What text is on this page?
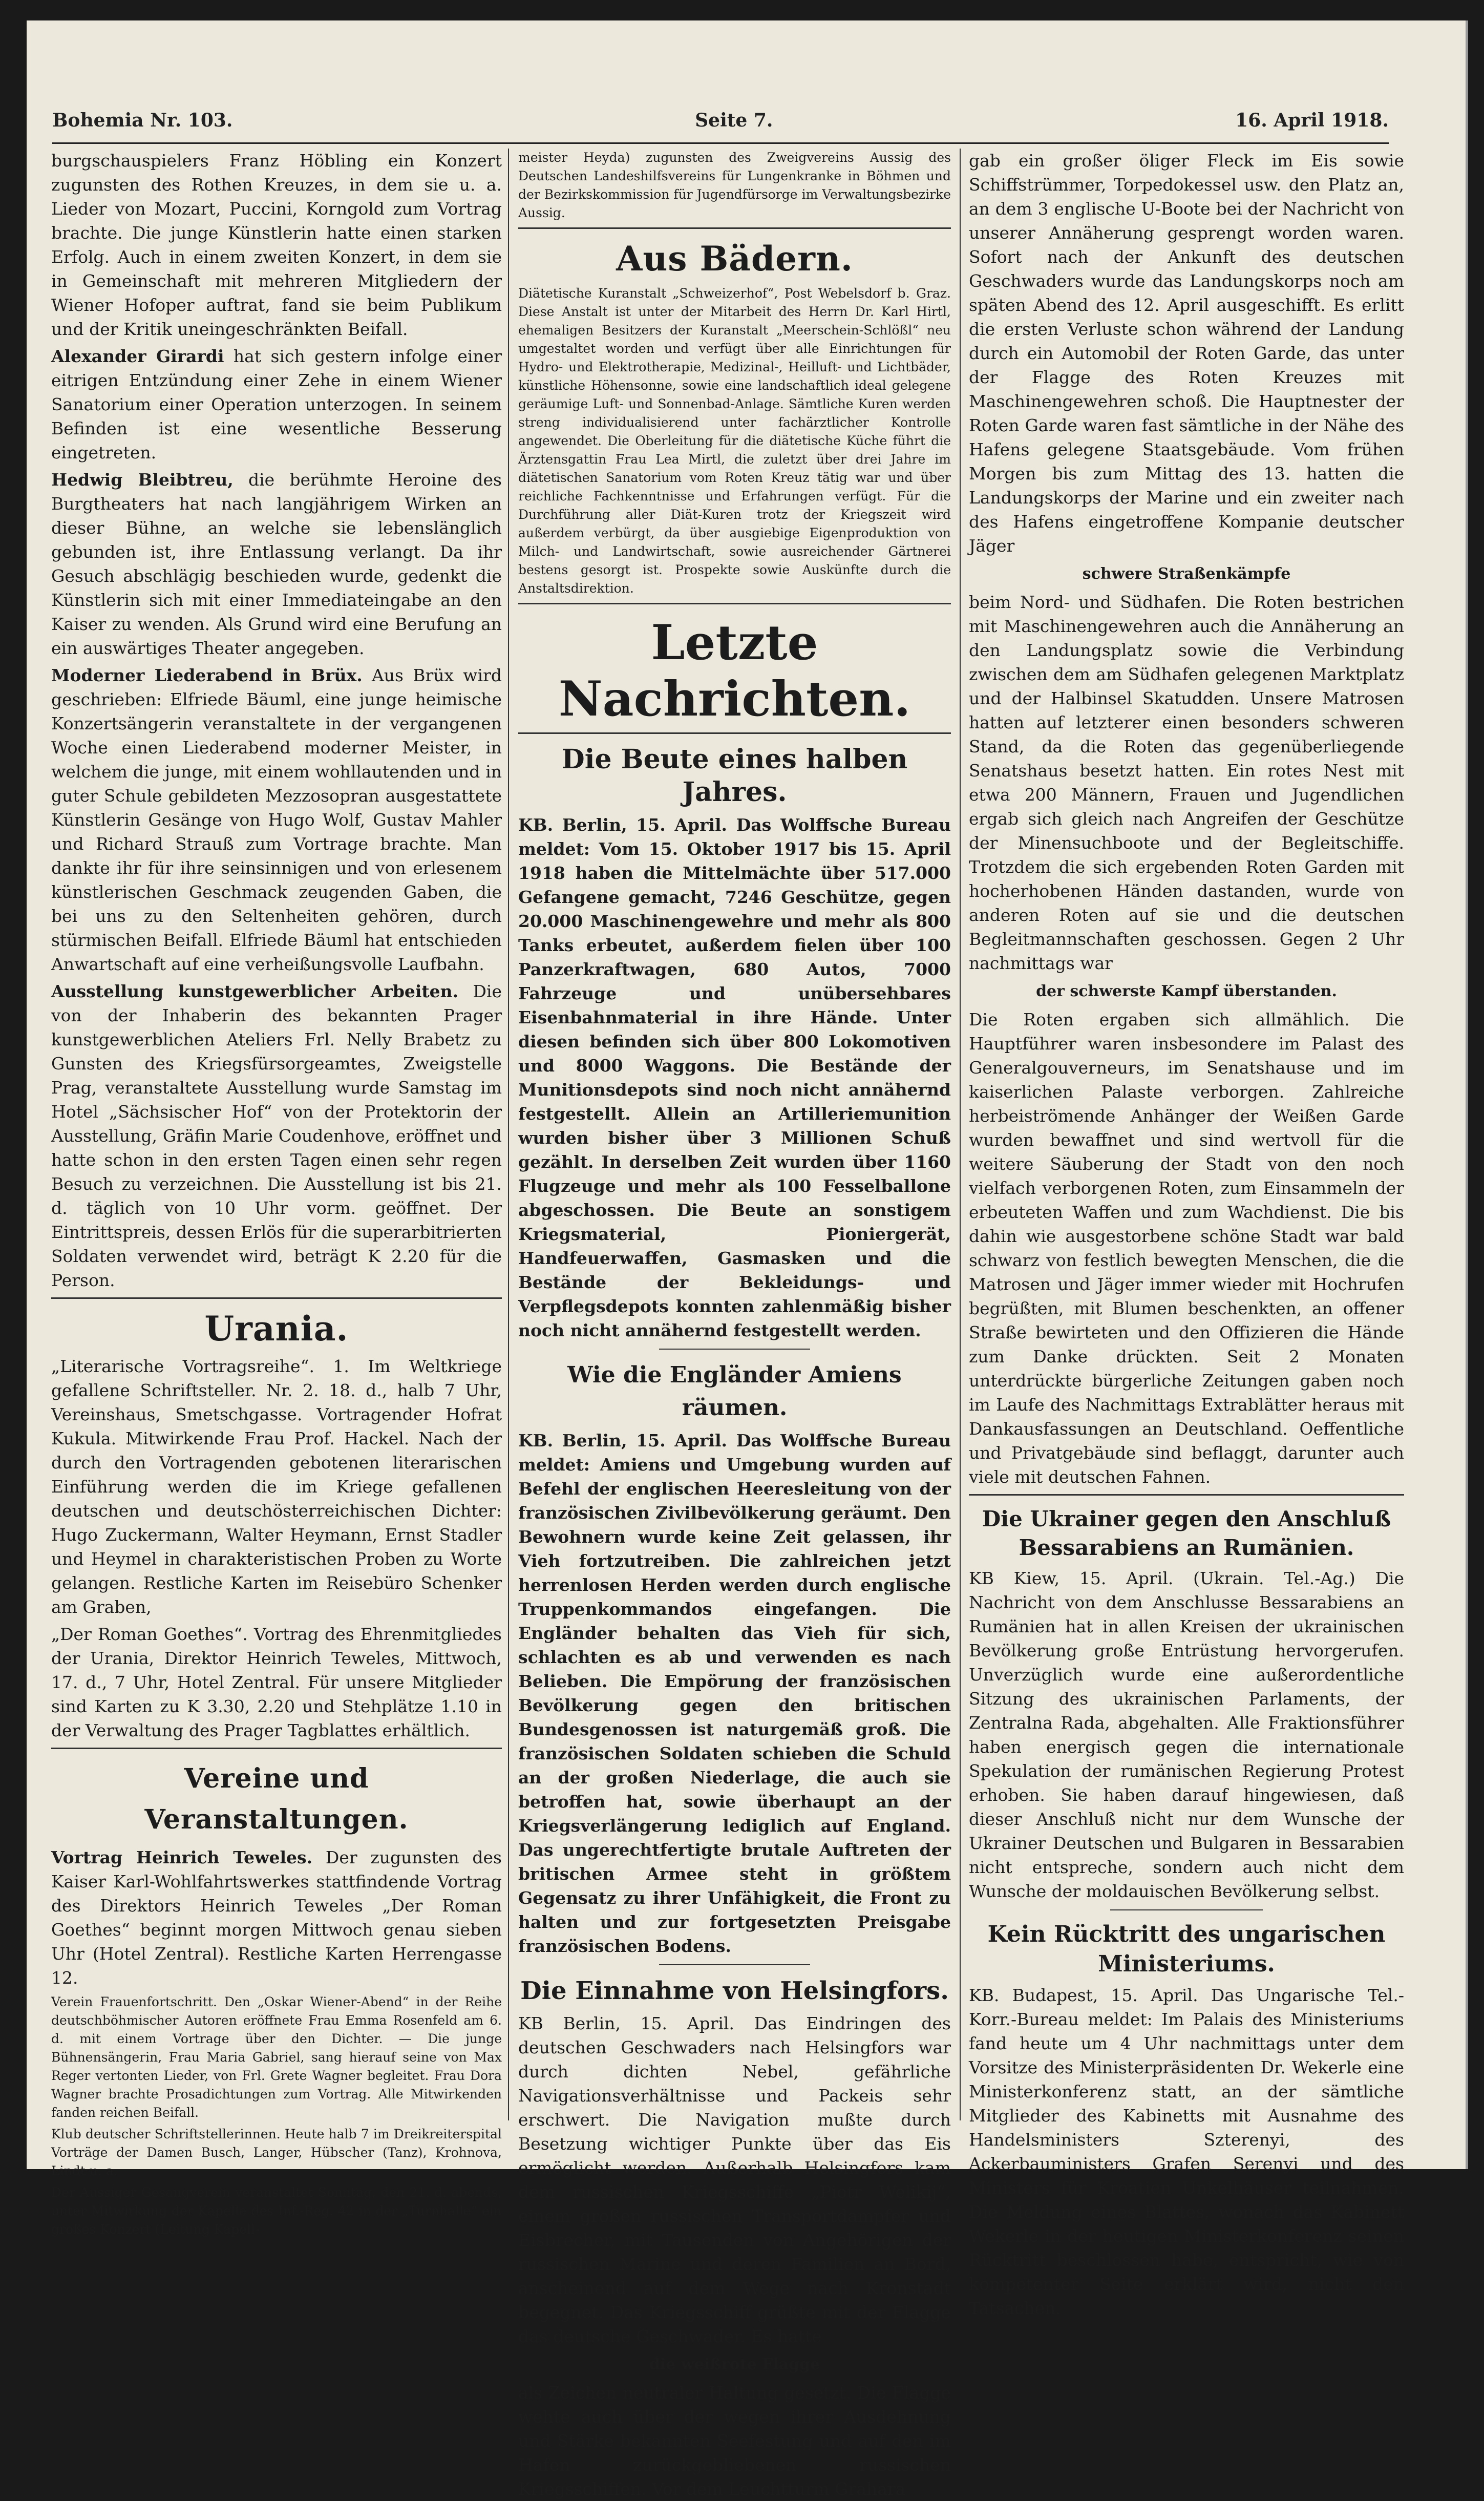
Bohemia Nr. 103.	Seite 7.	16. April 1918.

burgschauspielers Franz Höbling ein Konzert zugunsten des Rothen Kreuzes, in dem sie u. a. Lieder von Mozart, Puccini, Korngold zum Vortrag brachte. Die junge Künstlerin hatte einen starken Erfolg. Auch in einem zweiten Konzert, in dem sie in Gemeinschaft mit mehreren Mitgliedern der Wiener Hofoper auftrat, fand sie beim Publikum und der Kritik uneingeschränkten Beifall.

Alexander Girardi hat sich gestern infolge einer eitrigen Entzündung einer Zehe in einem Wiener Sanatorium einer Operation unterzogen. In seinem Befinden ist eine wesentliche Besserung eingetreten.

Hedwig Bleibtreu, die berühmte Heroine des Burgtheaters hat nach langjährigem Wirken an dieser Bühne, an welche sie lebenslänglich gebunden ist, ihre Entlassung verlangt. Da ihr Gesuch abschlägig beschieden wurde, gedenkt die Künstlerin sich mit einer Immediateingabe an den Kaiser zu wenden. Als Grund wird eine Berufung an ein auswärtiges Theater angegeben.

Moderner Liederabend in Brüx. Aus Brüx wird geschrieben: Elfriede Bäuml, eine junge heimische Konzertsängerin veranstaltete in der vergangenen Woche einen Liederabend moderner Meister, in welchem die junge, mit einem wohllautenden und in guter Schule gebildeten Mezzosopran ausgestattete Künstlerin Gesänge von Hugo Wolf, Gustav Mahler und Richard Strauß zum Vortrage brachte. Man dankte ihr für ihre seinsinnigen und von erlesenem künstlerischen Geschmack zeugenden Gaben, die bei uns zu den Seltenheiten gehören, durch stürmischen Beifall. Elfriede Bäuml hat entschieden Anwartschaft auf eine verheißungsvolle Laufbahn.

Ausstellung kunstgewerblicher Arbeiten. Die von der Inhaberin des bekannten Prager kunstgewerblichen Ateliers Frl. Nelly Brabetz zu Gunsten des Kriegsfürsorgeamtes, Zweigstelle Prag, veranstaltete Ausstellung wurde Samstag im Hotel „Sächsischer Hof“ von der Protektorin der Ausstellung, Gräfin Marie Coudenhove, eröffnet und hatte schon in den ersten Tagen einen sehr regen Besuch zu verzeichnen. Die Ausstellung ist bis 21. d. täglich von 10 Uhr vorm. geöffnet. Der Eintrittspreis, dessen Erlös für die superarbitrierten Soldaten verwendet wird, beträgt K 2.20 für die Person.

Urania.

„Literarische Vortragsreihe“. 1. Im Weltkriege gefallene Schriftsteller. Nr. 2. 18. d., halb 7 Uhr, Vereinshaus, Smetschgasse. Vortragender Hofrat Kukula. Mitwirkende Frau Prof. Hackel. Nach der durch den Vortragenden gebotenen literarischen Einführung werden die im Kriege gefallenen deutschen und deutschösterreichischen Dichter: Hugo Zuckermann, Walter Heymann, Ernst Stadler und Heymel in charakteristischen Proben zu Worte gelangen. Restliche Karten im Reisebüro Schenker am Graben,

„Der Roman Goethes“. Vortrag des Ehrenmitgliedes der Urania, Direktor Heinrich Teweles, Mittwoch, 17. d., 7 Uhr, Hotel Zentral. Für unsere Mitglieder sind Karten zu K 3.30, 2.20 und Stehplätze 1.10 in der Verwaltung des Prager Tagblattes erhältlich.

Vereine und Veranstaltungen.

Vortrag Heinrich Teweles. Der zugunsten des Kaiser Karl-Wohlfahrtswerkes stattfindende Vortrag des Direktors Heinrich Teweles „Der Roman Goethes“ beginnt morgen Mittwoch genau sieben Uhr (Hotel Zentral). Restliche Karten Herrengasse 12.

Verein Frauenfortschritt. Den „Oskar Wiener-Abend“ in der Reihe deutschböhmischer Autoren eröffnete Frau Emma Rosenfeld am 6. d. mit einem Vortrage über den Dichter. — Die junge Bühnensängerin, Frau Maria Gabriel, sang hierauf seine von Max Reger vertonten Lieder, von Frl. Grete Wagner begleitet. Frau Dora Wagner brachte Prosadichtungen zum Vortrag. Alle Mitwirkenden fanden reichen Beifall.

Klub deutscher Schriftstellerinnen. Heute halb 7 im Dreikreiterspital Vorträge der Damen Busch, Langer, Hübscher (Tanz), Krohnova, Lindt u. a.

Der Aussiger Gesangverein veranstaltet Sonntag, den 21. d. abends, unter Mitwirkung der Kapelle des Inf.-Reg. 42 in der „Turnhalle“ ein großes Konzert (Leitung Kapell-

meister Heyda) zugunsten des Zweigvereins Aussig des Deutschen Landeshilfsvereins für Lungenkranke in Böhmen und der Bezirkskommission für Jugendfürsorge im Verwaltungsbezirke Aussig.

Aus Bädern.

Diätetische Kuranstalt „Schweizerhof“, Post Webelsdorf b. Graz. Diese Anstalt ist unter der Mitarbeit des Herrn Dr. Karl Hirtl, ehemaligen Besitzers der Kuranstalt „Meerschein-Schlößl“ neu umgestaltet worden und verfügt über alle Einrichtungen für Hydro- und Elektrotherapie, Medizinal-, Heilluft- und Lichtbäder, künstliche Höhensonne, sowie eine landschaftlich ideal gelegene geräumige Luft- und Sonnenbad-Anlage. Sämtliche Kuren werden streng individualisierend unter fachärztlicher Kontrolle angewendet. Die Oberleitung für die diätetische Küche führt die Ärztensgattin Frau Lea Mirtl, die zuletzt über drei Jahre im diätetischen Sanatorium vom Roten Kreuz tätig war und über reichliche Fachkenntnisse und Erfahrungen verfügt. Für die Durchführung aller Diät-Kuren trotz der Kriegszeit wird außerdem verbürgt, da über ausgiebige Eigenproduktion von Milch- und Landwirtschaft, sowie ausreichender Gärtnerei bestens gesorgt ist. Prospekte sowie Auskünfte durch die Anstaltsdirektion.

Letzte Nachrichten.
Die Beute eines halben Jahres.

KB. Berlin, 15. April. Das Wolffsche Bureau meldet: Vom 15. Oktober 1917 bis 15. April 1918 haben die Mittelmächte über 517.000 Gefangene gemacht, 7246 Geschütze, gegen 20.000 Maschinengewehre und mehr als 800 Tanks erbeutet, außerdem fielen über 100 Panzerkraftwagen, 680 Autos, 7000 Fahrzeuge und unübersehbares Eisenbahnmaterial in ihre Hände. Unter diesen befinden sich über 800 Lokomotiven und 8000 Waggons. Die Bestände der Munitionsdepots sind noch nicht annähernd festgestellt. Allein an Artilleriemunition wurden bisher über 3 Millionen Schuß gezählt. In derselben Zeit wurden über 1160 Flugzeuge und mehr als 100 Fesselballone abgeschossen. Die Beute an sonstigem Kriegsmaterial, Pioniergerät, Handfeuerwaffen, Gasmasken und die Bestände der Bekleidungs- und Verpflegsdepots konnten zahlenmäßig bisher noch nicht annähernd festgestellt werden.

Wie die Engländer Amiens räumen.

KB. Berlin, 15. April. Das Wolffsche Bureau meldet: Amiens und Umgebung wurden auf Befehl der englischen Heeresleitung von der französischen Zivilbevölkerung geräumt. Den Bewohnern wurde keine Zeit gelassen, ihr Vieh fortzutreiben. Die zahlreichen jetzt herrenlosen Herden werden durch englische Truppenkommandos eingefangen. Die Engländer behalten das Vieh für sich, schlachten es ab und verwenden es nach Belieben. Die Empörung der französischen Bevölkerung gegen den britischen Bundesgenossen ist naturgemäß groß. Die französischen Soldaten schieben die Schuld an der großen Niederlage, die auch sie betroffen hat, sowie überhaupt an der Kriegsverlängerung lediglich auf England. Das ungerechtfertigte brutale Auftreten der britischen Armee steht in größtem Gegensatz zu ihrer Unfähigkeit, die Front zu halten und zur fortgesetzten Preisgabe französischen Bodens.

Die Einnahme von Helsingfors.

KB Berlin, 15. April. Das Eindringen des deutschen Geschwaders nach Helsingfors war durch dichten Nebel, gefährliche Navigationsverhältnisse und Packeis sehr erschwert. Die Navigation mußte durch Besetzung wichtiger Punkte über das Eis ermöglicht werden. Außerhalb Helsingfors kam dem russischen Kriegsschiffe „Piotr Welikij“, einem großen russischen Transportdampfer und Eisbrecher, mit Tausenden von Angehörigen der russischen Marine und deren Familien an Bord, anscheinend auf dem Wege nach Kronstadt begegnet. Das Kriegsschiff grüßte mit der Flagge das deutsche Geschwader. Es hatte

die weißrote Flagge

als Zeichen neutraler Haltung gesetzt. Die Flagge wehte auch über der wegen ihrer Ausdehnung und Stärke bekannten Seefestung und auf den im Hafen zurückgebliebenen russischen Kriegsschiffen. Vor dem Leuchtturm Grahara

gab ein großer öliger Fleck im Eis sowie Schiffstrümmer, Torpedokessel usw. den Platz an, an dem 3 englische U-Boote bei der Nachricht von unserer Annäherung gesprengt worden waren. Sofort nach der Ankunft des deutschen Geschwaders wurde das Landungskorps noch am späten Abend des 12. April ausgeschifft. Es erlitt die ersten Verluste schon während der Landung durch ein Automobil der Roten Garde, das unter der Flagge des Roten Kreuzes mit Maschinengewehren schoß. Die Hauptnester der Roten Garde waren fast sämtliche in der Nähe des Hafens gelegene Staatsgebäude. Vom frühen Morgen bis zum Mittag des 13. hatten die Landungskorps der Marine und ein zweiter nach des Hafens eingetroffene Kompanie deutscher Jäger

schwere Straßenkämpfe

beim Nord- und Südhafen. Die Roten bestrichen mit Maschinengewehren auch die Annäherung an den Landungsplatz sowie die Verbindung zwischen dem am Südhafen gelegenen Marktplatz und der Halbinsel Skatudden. Unsere Matrosen hatten auf letzterer einen besonders schweren Stand, da die Roten das gegenüberliegende Senatshaus besetzt hatten. Ein rotes Nest mit etwa 200 Männern, Frauen und Jugendlichen ergab sich gleich nach Angreifen der Geschütze der Minensuchboote und der Begleitschiffe. Trotzdem die sich ergebenden Roten Garden mit hocherhobenen Händen dastanden, wurde von anderen Roten auf sie und die deutschen Begleitmannschaften geschossen. Gegen 2 Uhr nachmittags war

der schwerste Kampf überstanden.

Die Roten ergaben sich allmählich. Die Hauptführer waren insbesondere im Palast des Generalgouverneurs, im Senatshause und im kaiserlichen Palaste verborgen. Zahlreiche herbeiströmende Anhänger der Weißen Garde wurden bewaffnet und sind wertvoll für die weitere Säuberung der Stadt von den noch vielfach verborgenen Roten, zum Einsammeln der erbeuteten Waffen und zum Wachdienst. Die bis dahin wie ausgestorbene schöne Stadt war bald schwarz von festlich bewegten Menschen, die die Matrosen und Jäger immer wieder mit Hochrufen begrüßten, mit Blumen beschenkten, an offener Straße bewirteten und den Offizieren die Hände zum Danke drückten. Seit 2 Monaten unterdrückte bürgerliche Zeitungen gaben noch im Laufe des Nachmittags Extrablätter heraus mit Dankausfassungen an Deutschland. Oeffentliche und Privatgebäude sind beflaggt, darunter auch viele mit deutschen Fahnen.

Die Ukrainer gegen den Anschluß Bessarabiens an Rumänien.

KB Kiew, 15. April. (Ukrain. Tel.-Ag.) Die Nachricht von dem Anschlusse Bessarabiens an Rumänien hat in allen Kreisen der ukrainischen Bevölkerung große Entrüstung hervorgerufen. Unverzüglich wurde eine außerordentliche Sitzung des ukrainischen Parlaments, der Zentralna Rada, abgehalten. Alle Fraktionsführer haben energisch gegen die internationale Spekulation der rumänischen Regierung Protest erhoben. Sie haben darauf hingewiesen, daß dieser Anschluß nicht nur dem Wunsche der Ukrainer Deutschen und Bulgaren in Bessarabien nicht entspreche, sondern auch nicht dem Wunsche der moldauischen Bevölkerung selbst.

Kein Rücktritt des ungarischen Ministeriums.

KB. Budapest, 15. April. Das Ungarische Tel.-Korr.-Bureau meldet: Im Palais des Ministeriums fand heute um 4 Uhr nachmittags unter dem Vorsitze des Ministerpräsidenten Dr. Wekerle eine Ministerkonferenz statt, an der sämtliche Mitglieder des Kabinetts mit Ausnahme des Handelsministers Szterenyi, des Ackerbauministers Grafen Serenyi und des Ministers für Kroatien Unkelhäuser teilnahmen. Die Meldung eines Blattes, wonach das Kabinett Wekerle in der heutigen Ministerkonferenz seinen Rücktritt beschlossen habe, entspricht, wie von kompetenter Seite erklärt wird, nicht den Tatsachen.
